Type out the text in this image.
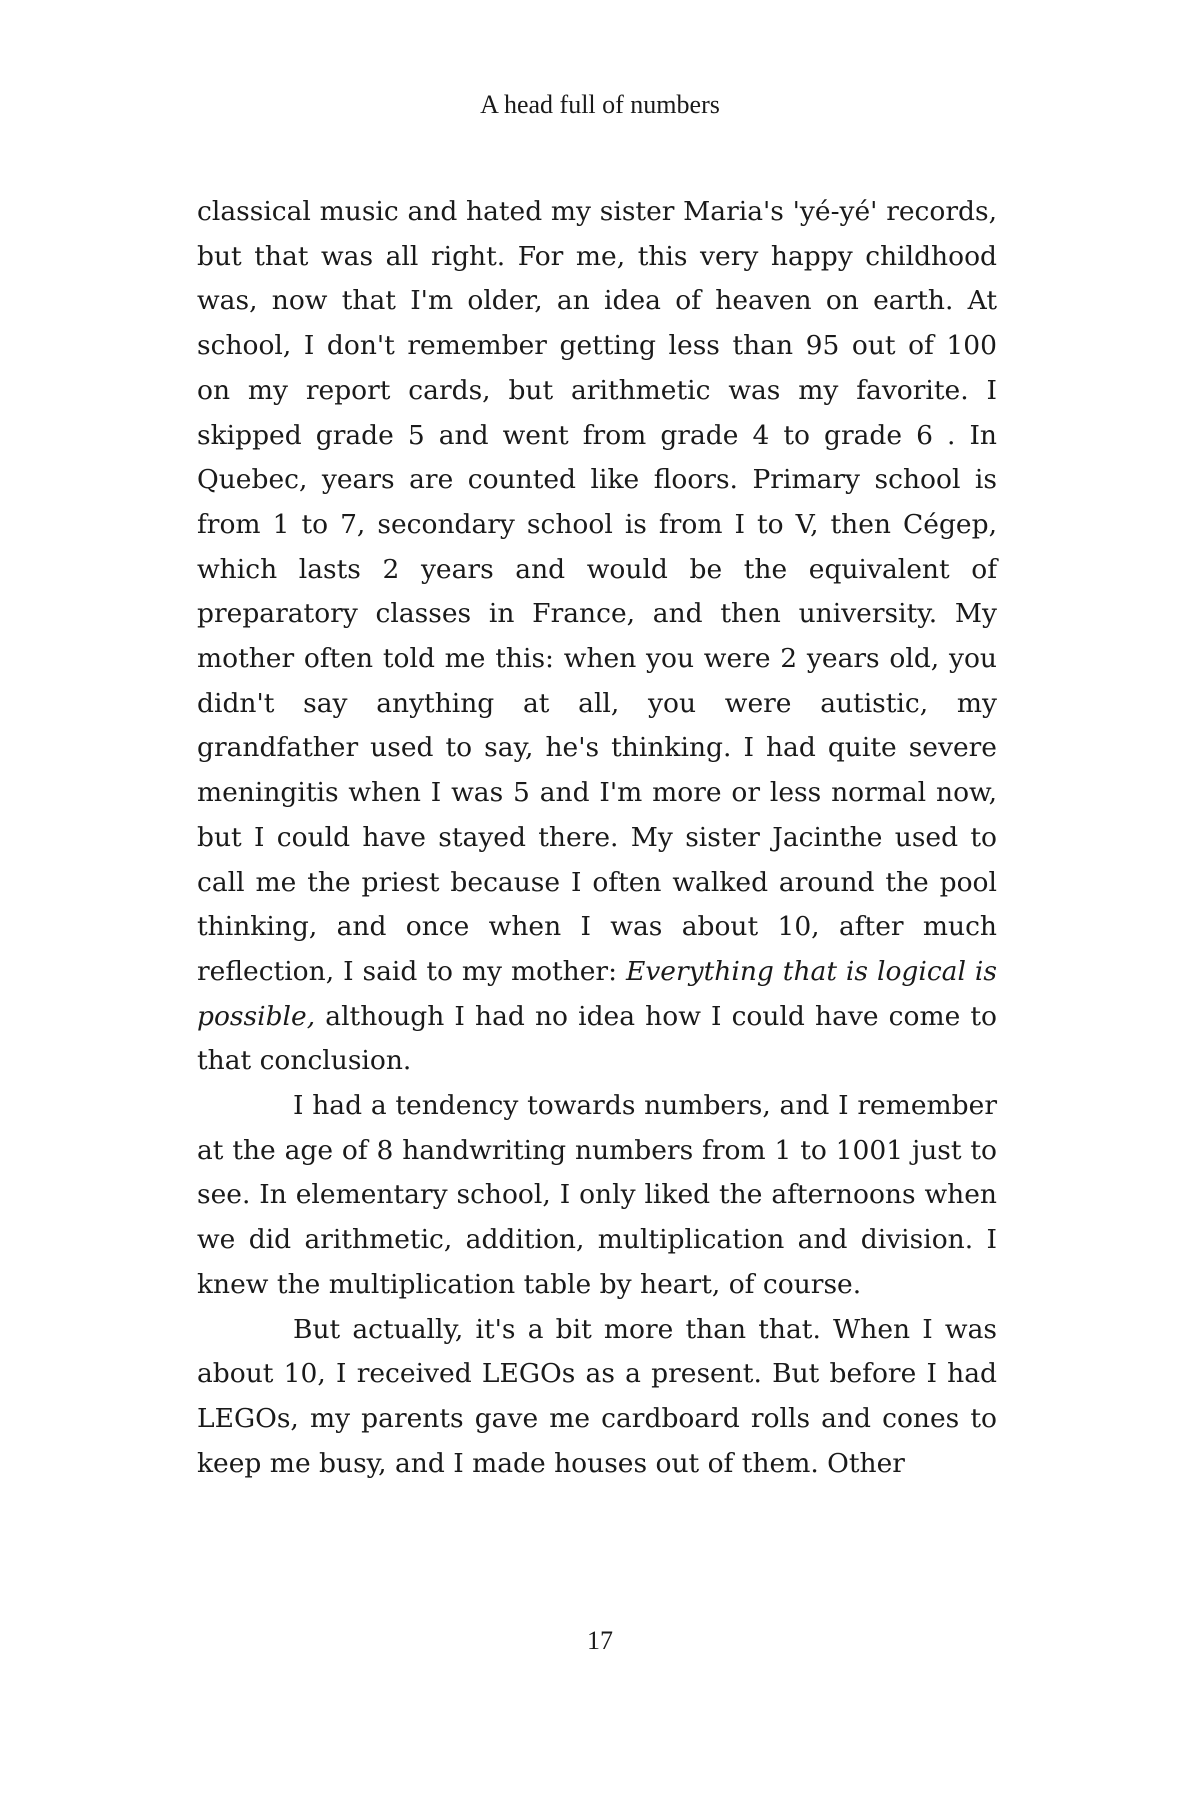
A head full of numbers

classical music and hated my sister Maria's 'yé-yé' records, but that was all right. For me, this very happy childhood was, now that I'm older, an idea of heaven on earth. At school, I don't remember getting less than 95 out of 100 on my report cards, but arithmetic was my favorite. I skipped grade 5 and went from grade 4 to grade 6 . In Quebec, years are counted like floors. Primary school is from 1 to 7, secondary school is from I to V, then Cégep, which lasts 2 years and would be the equivalent of preparatory classes in France, and then university. My mother often told me this: when you were 2 years old, you didn't say anything at all, you were autistic, my grandfather used to say, he's thinking. I had quite severe meningitis when I was 5 and I'm more or less normal now, but I could have stayed there. My sister Jacinthe used to call me the priest because I often walked around the pool thinking, and once when I was about 10, after much reflection, I said to my mother: Everything that is logical is possible, although I had no idea how I could have come to that conclusion.

I had a tendency towards numbers, and I remember at the age of 8 handwriting numbers from 1 to 1001 just to see. In elementary school, I only liked the afternoons when we did arithmetic, addition, multiplication and division. I knew the multiplication table by heart, of course.

But actually, it's a bit more than that. When I was about 10, I received LEGOs as a present. But before I had LEGOs, my parents gave me cardboard rolls and cones to keep me busy, and I made houses out of them. Other

17
